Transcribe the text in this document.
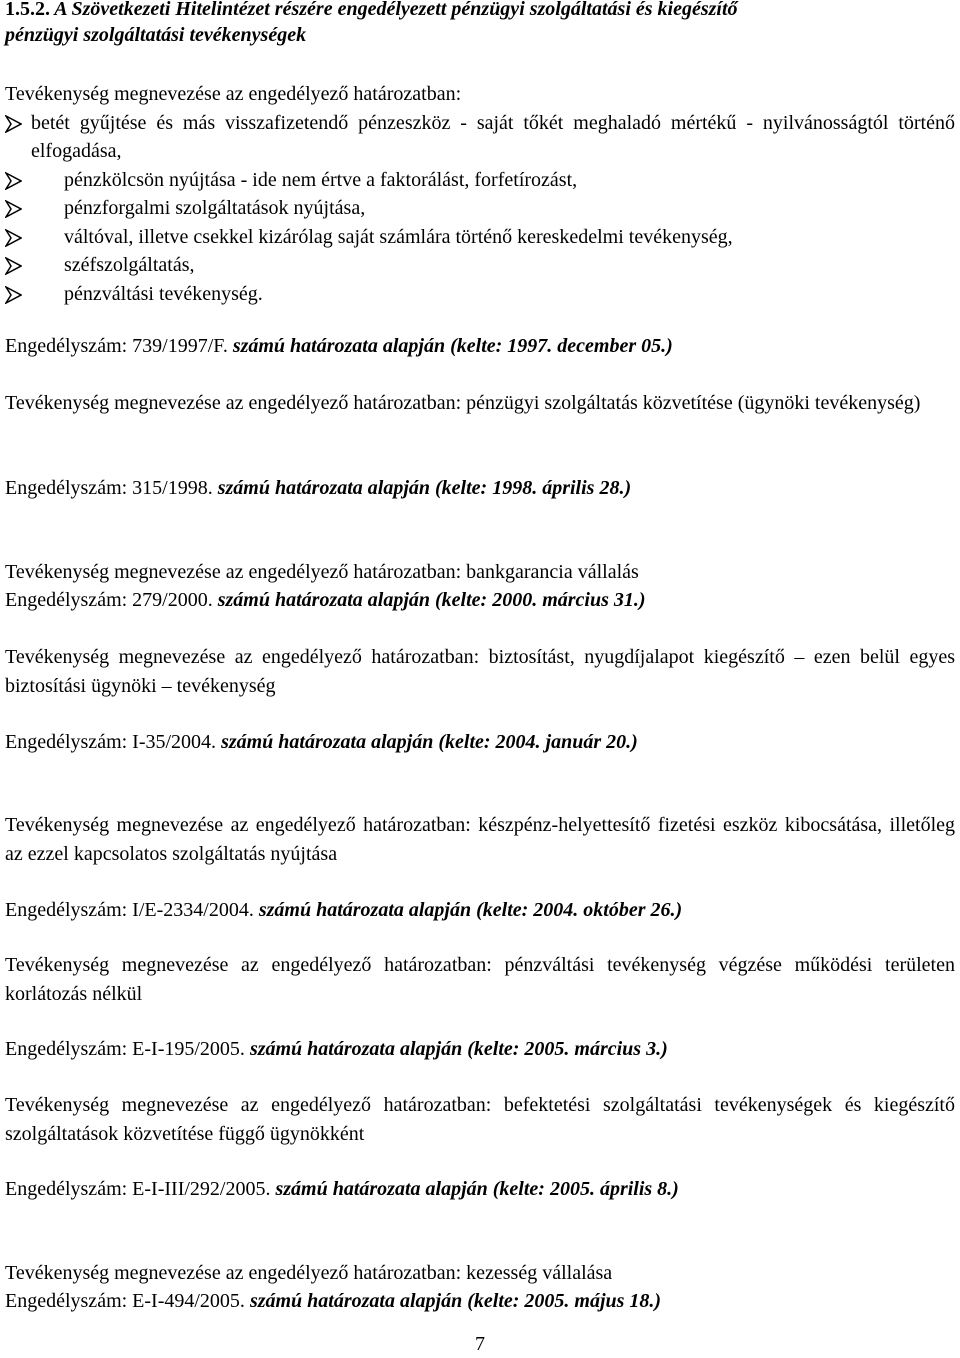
1.5.2. A Szövetkezeti Hitelintézet részére engedélyezett pénzügyi szolgáltatási és kiegészítő
pénzügyi szolgáltatási tevékenységek
Tevékenység megnevezése az engedélyező határozatban:
betét gyűjtése és más visszafizetendő pénzeszköz - saját tőkét meghaladó mértékű - nyilvánosságtól történő elfogadása,
pénzkölcsön nyújtása - ide nem értve a faktorálást, forfetírozást,
pénzforgalmi szolgáltatások nyújtása,
váltóval, illetve csekkel kizárólag saját számlára történő kereskedelmi tevékenység,
széfszolgáltatás,
pénzváltási tevékenység.
Engedélyszám: 739/1997/F. számú határozata alapján (kelte: 1997. december 05.)
Tevékenység megnevezése az engedélyező határozatban: pénzügyi szolgáltatás közvetítése (ügynöki tevékenység)
Engedélyszám: 315/1998. számú határozata alapján (kelte: 1998. április 28.)
Tevékenység megnevezése az engedélyező határozatban: bankgarancia vállalás
Engedélyszám: 279/2000. számú határozata alapján (kelte: 2000. március 31.)
Tevékenység megnevezése az engedélyező határozatban: biztosítást, nyugdíjalapot kiegészítő – ezen belül egyes biztosítási ügynöki – tevékenység
Engedélyszám: I-35/2004. számú határozata alapján (kelte: 2004. január 20.)
Tevékenység megnevezése az engedélyező határozatban: készpénz-helyettesítő fizetési eszköz kibocsátása, illetőleg az ezzel kapcsolatos szolgáltatás nyújtása
Engedélyszám: I/E-2334/2004. számú határozata alapján (kelte: 2004. október 26.)
Tevékenység megnevezése az engedélyező határozatban: pénzváltási tevékenység végzése működési területen korlátozás nélkül
Engedélyszám: E-I-195/2005. számú határozata alapján (kelte: 2005. március 3.)
Tevékenység megnevezése az engedélyező határozatban: befektetési szolgáltatási tevékenységek és kiegészítő szolgáltatások közvetítése függő ügynökként
Engedélyszám: E-I-III/292/2005. számú határozata alapján (kelte: 2005. április 8.)
Tevékenység megnevezése az engedélyező határozatban: kezesség vállalása
Engedélyszám: E-I-494/2005. számú határozata alapján (kelte: 2005. május 18.)
7
